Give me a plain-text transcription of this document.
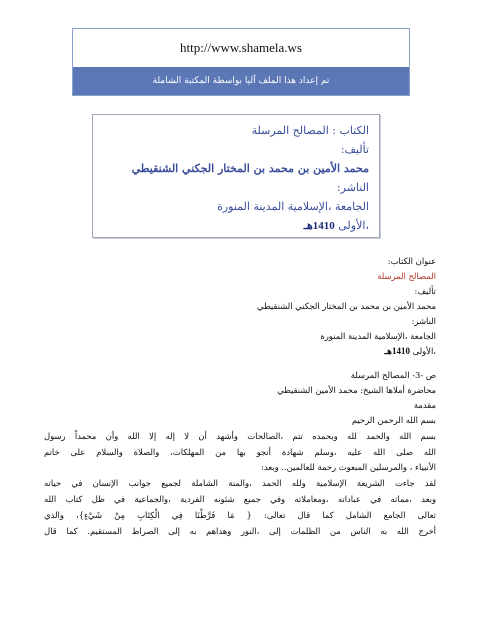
http://www.shamela.ws
تم إعداد هذا الملف آليا بواسطة المكتبة الشاملة
الكتاب : المصالح المرسلة
تأليف:
محمد الأمين بن محمد بن المختار الجكني الشنقيطي
الناشر:
الجامعة ،الإسلامية المدينة المنورة
،الأولى 1410هـ
عنوان الكتاب:
المصالح المرسلة
تأليف:
محمد الأمين بن محمد بن المختار الجكني الشنقيطي
الناشر:
الجامعة ،الإسلامية المدينة المنورة
،الأولى 1410هـ
ص -3- المصالح المرسلة
محاضرة أملاها الشيخ: محمد الأمين الشنقيطي
مقدمة
بسم الله الرحمن الرحيم
بسم الله والحمد لله وبحمده تتم ،الصالحات وأشهد أن لا إله إلا الله وأن محمداً رسول
الله صلى الله عليه ،وسلم شهادة أنجو بها من المهلكات، والصلاة والسلام على خاتم
الأنبياء ، والمرسلين المبعوث رحمة للعالمين.. وبعد:
لقد جاءت الشريعة الإسلامية ولله الحمد ،والمنة الشاملة لجميع جوانب الإنسان في حياته
وبعد ،مماته في عباداته ،ومعاملاته وفي جميع شئونه الفردية ،والجماعية في ظل كتاب الله
تعالى الجامع الشامل كما قال تعالى: { مَا فَرَّطْنَا فِي الْكِتَابِ مِنْ شَيْءٍ}، والذي
أخرج الله به الناس من الظلمات إلى ،النور وهداهم به إلى الصراط المستقيم. كما قال
